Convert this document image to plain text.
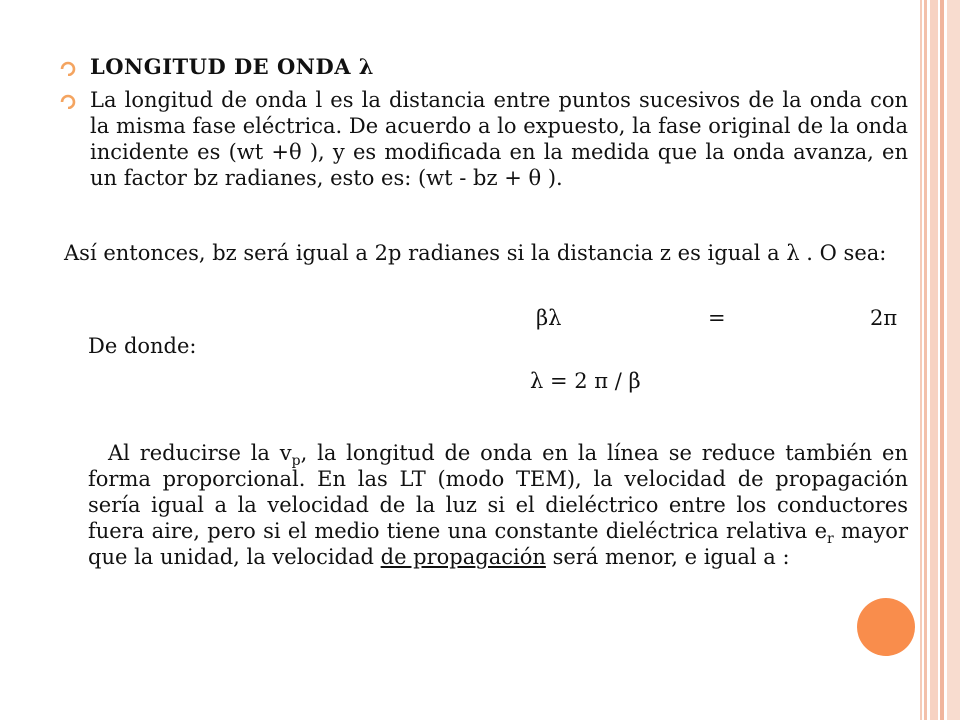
LONGITUD DE ONDA λ

La longitud de onda l es la distancia entre puntos sucesivos de la onda con la misma fase eléctrica. De acuerdo a lo expuesto, la fase original de la onda incidente es (wt +θ ), y es modificada en la medida que la onda avanza, en un factor bz radianes, esto es: (wt - bz + θ ).

Así entonces, bz será igual a 2p radianes si la distancia z es igual a λ . O sea:

βλ	=	2π
De donde:
λ = 2 π / β

Al reducirse la $v_p$, la longitud de onda en la línea se reduce también en forma proporcional. En las LT (modo TEM), la velocidad de propagación sería igual a la velocidad de la luz si el dieléctrico entre los conductores fuera aire, pero si el medio tiene una constante dieléctrica relativa $e_r$ mayor que la unidad, la velocidad de propagación será menor, e igual a :
